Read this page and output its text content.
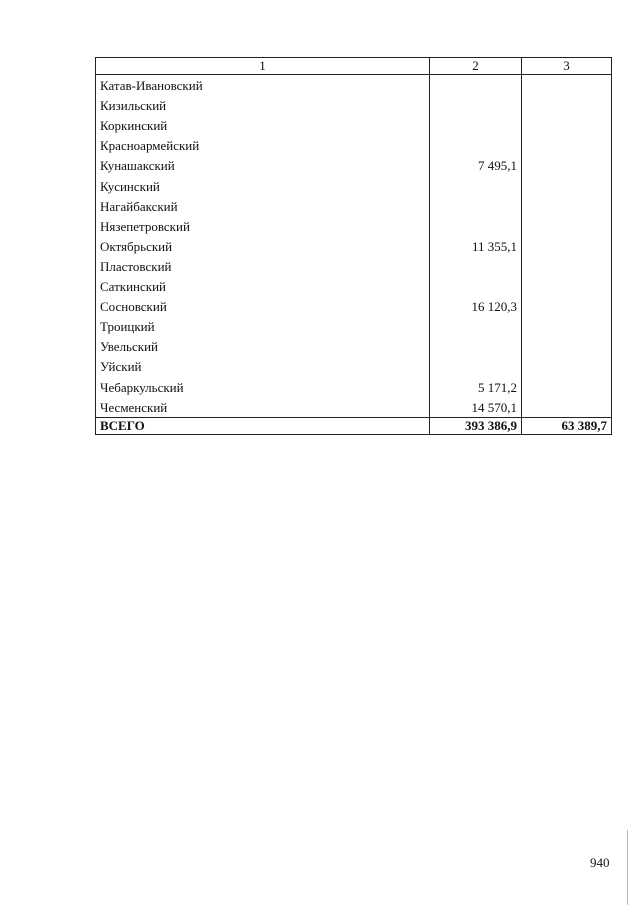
1	2	3
Катав-Ивановский		
Кизильский		
Коркинский		
Красноармейский		
Кунашакский	7 495,1	
Кусинский		
Нагайбакский		
Нязепетровский		
Октябрьский	11 355,1	
Пластовский		
Саткинский		
Сосновский	16 120,3	
Троицкий		
Увельский		
Уйский		
Чебаркульский	5 171,2	
Чесменский	14 570,1	
ВСЕГО	393 386,9	63 389,7
940
